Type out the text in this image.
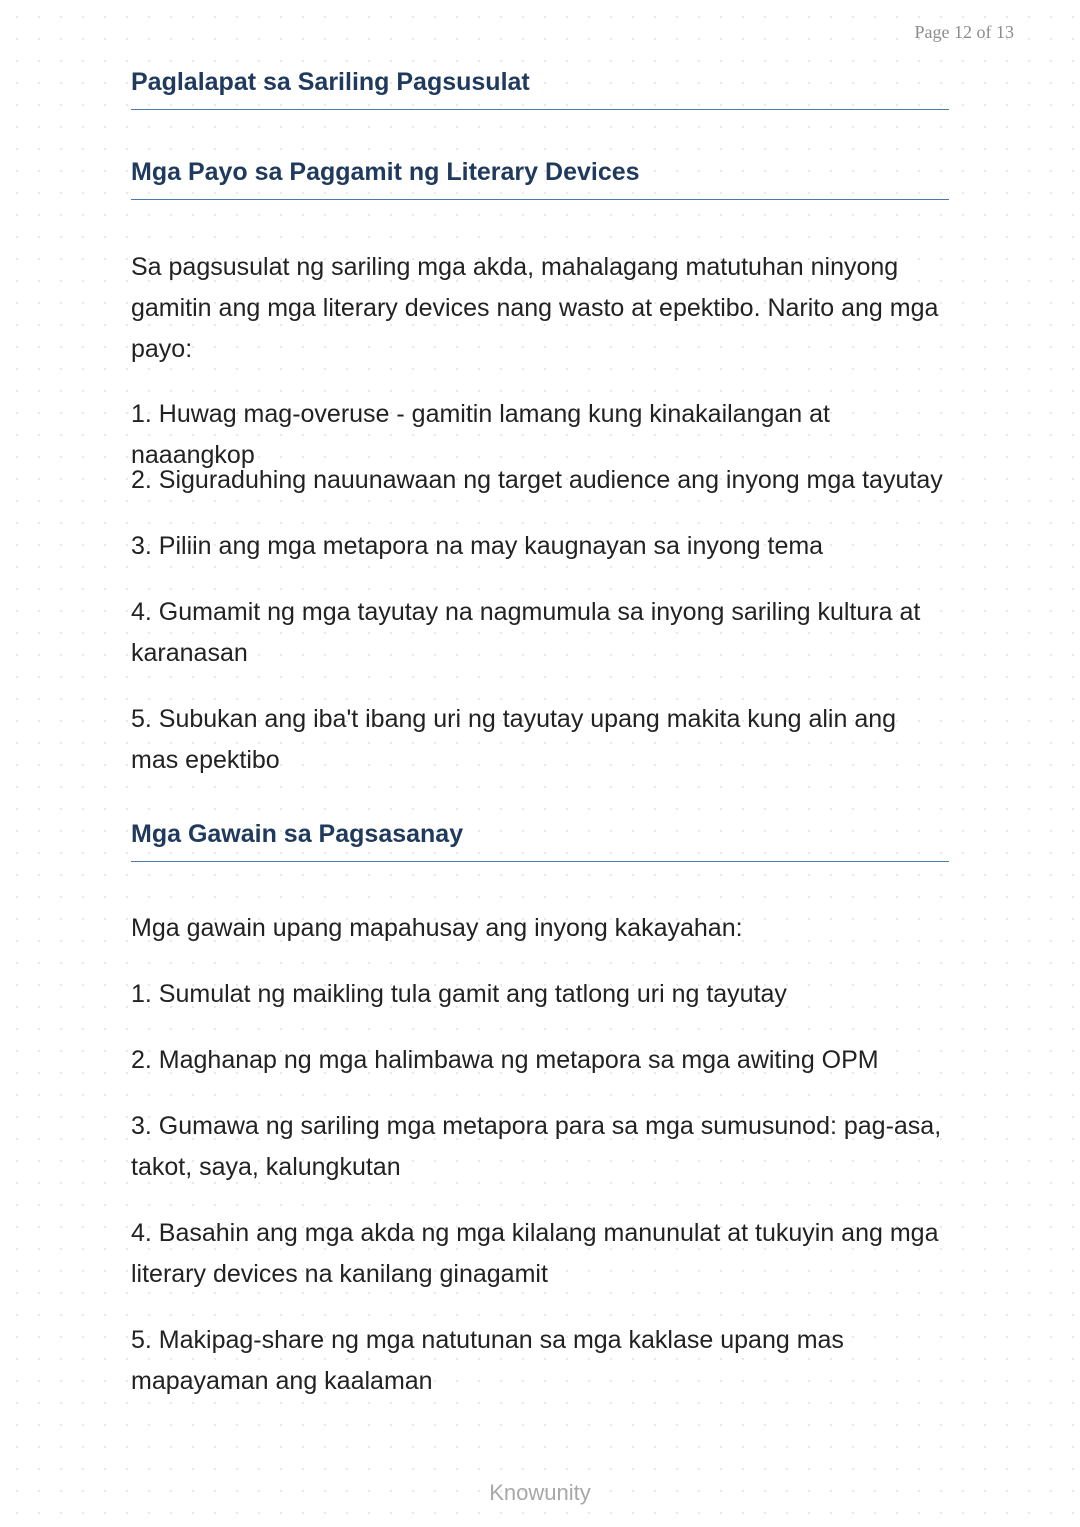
Page 12 of 13
Paglalapat sa Sariling Pagsusulat
Mga Payo sa Paggamit ng Literary Devices
Sa pagsusulat ng sariling mga akda, mahalagang matutuhan ninyong gamitin ang mga literary devices nang wasto at epektibo. Narito ang mga payo:
1. Huwag mag-overuse - gamitin lamang kung kinakailangan at naaangkop
2. Siguraduhing nauunawaan ng target audience ang inyong mga tayutay
3. Piliin ang mga metapora na may kaugnayan sa inyong tema
4. Gumamit ng mga tayutay na nagmumula sa inyong sariling kultura at karanasan
5. Subukan ang iba't ibang uri ng tayutay upang makita kung alin ang mas epektibo
Mga Gawain sa Pagsasanay
Mga gawain upang mapahusay ang inyong kakayahan:
1. Sumulat ng maikling tula gamit ang tatlong uri ng tayutay
2. Maghanap ng mga halimbawa ng metapora sa mga awiting OPM
3. Gumawa ng sariling mga metapora para sa mga sumusunod: pag-asa, takot, saya, kalungkutan
4. Basahin ang mga akda ng mga kilalang manunulat at tukuyin ang mga literary devices na kanilang ginagamit
5. Makipag-share ng mga natutunan sa mga kaklase upang mas mapayaman ang kaalaman
Knowunity
